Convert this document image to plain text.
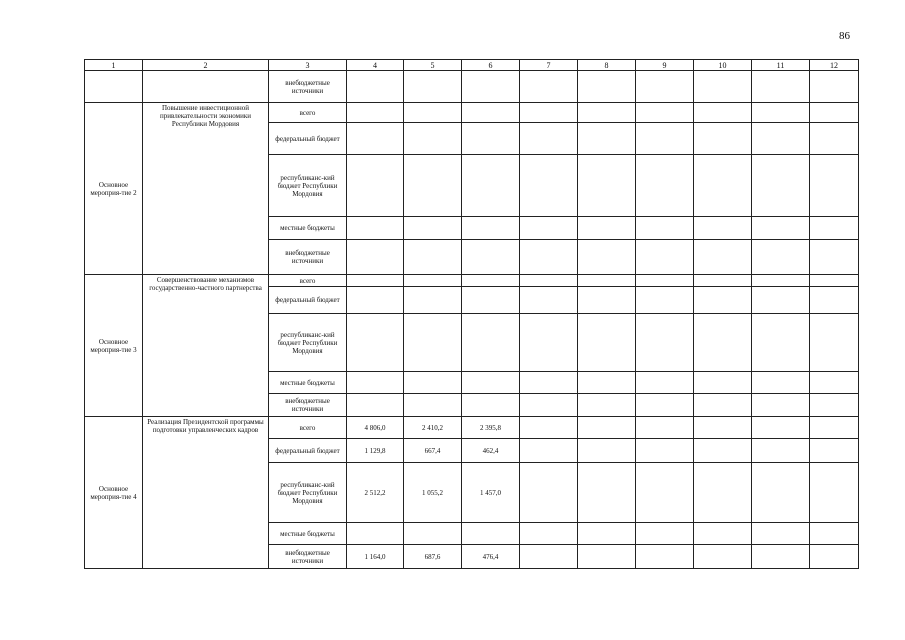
86
1	2	3	4	5	6	7	8	9	10	11	12
		внебюджетные источники									
Основное мероприя-тие 2	Повышение инвестиционной привлекательности экономики Республики Мордовия	всего									
		федеральный бюджет									
		республиканс-кий бюджет Республики Мордовия									
		местные бюджеты									
		внебюджетные источники									
Основное мероприя-тие 3	Совершенствование механизмов государственно-частного партнерства	всего									
		федеральный бюджет									
		республиканс-кий бюджет Республики Мордовия									
		местные бюджеты									
		внебюджетные источники									
Основное мероприя-тие 4	Реализация Президентской программы подготовки управленческих кадров	всего	4 806,0	2 410,2	2 395,8						
		федеральный бюджет	1 129,8	667,4	462,4						
		республиканс-кий бюджет Республики Мордовия	2 512,2	1 055,2	1 457,0						
		местные бюджеты									
		внебюджетные источники	1 164,0	687,6	476,4						
